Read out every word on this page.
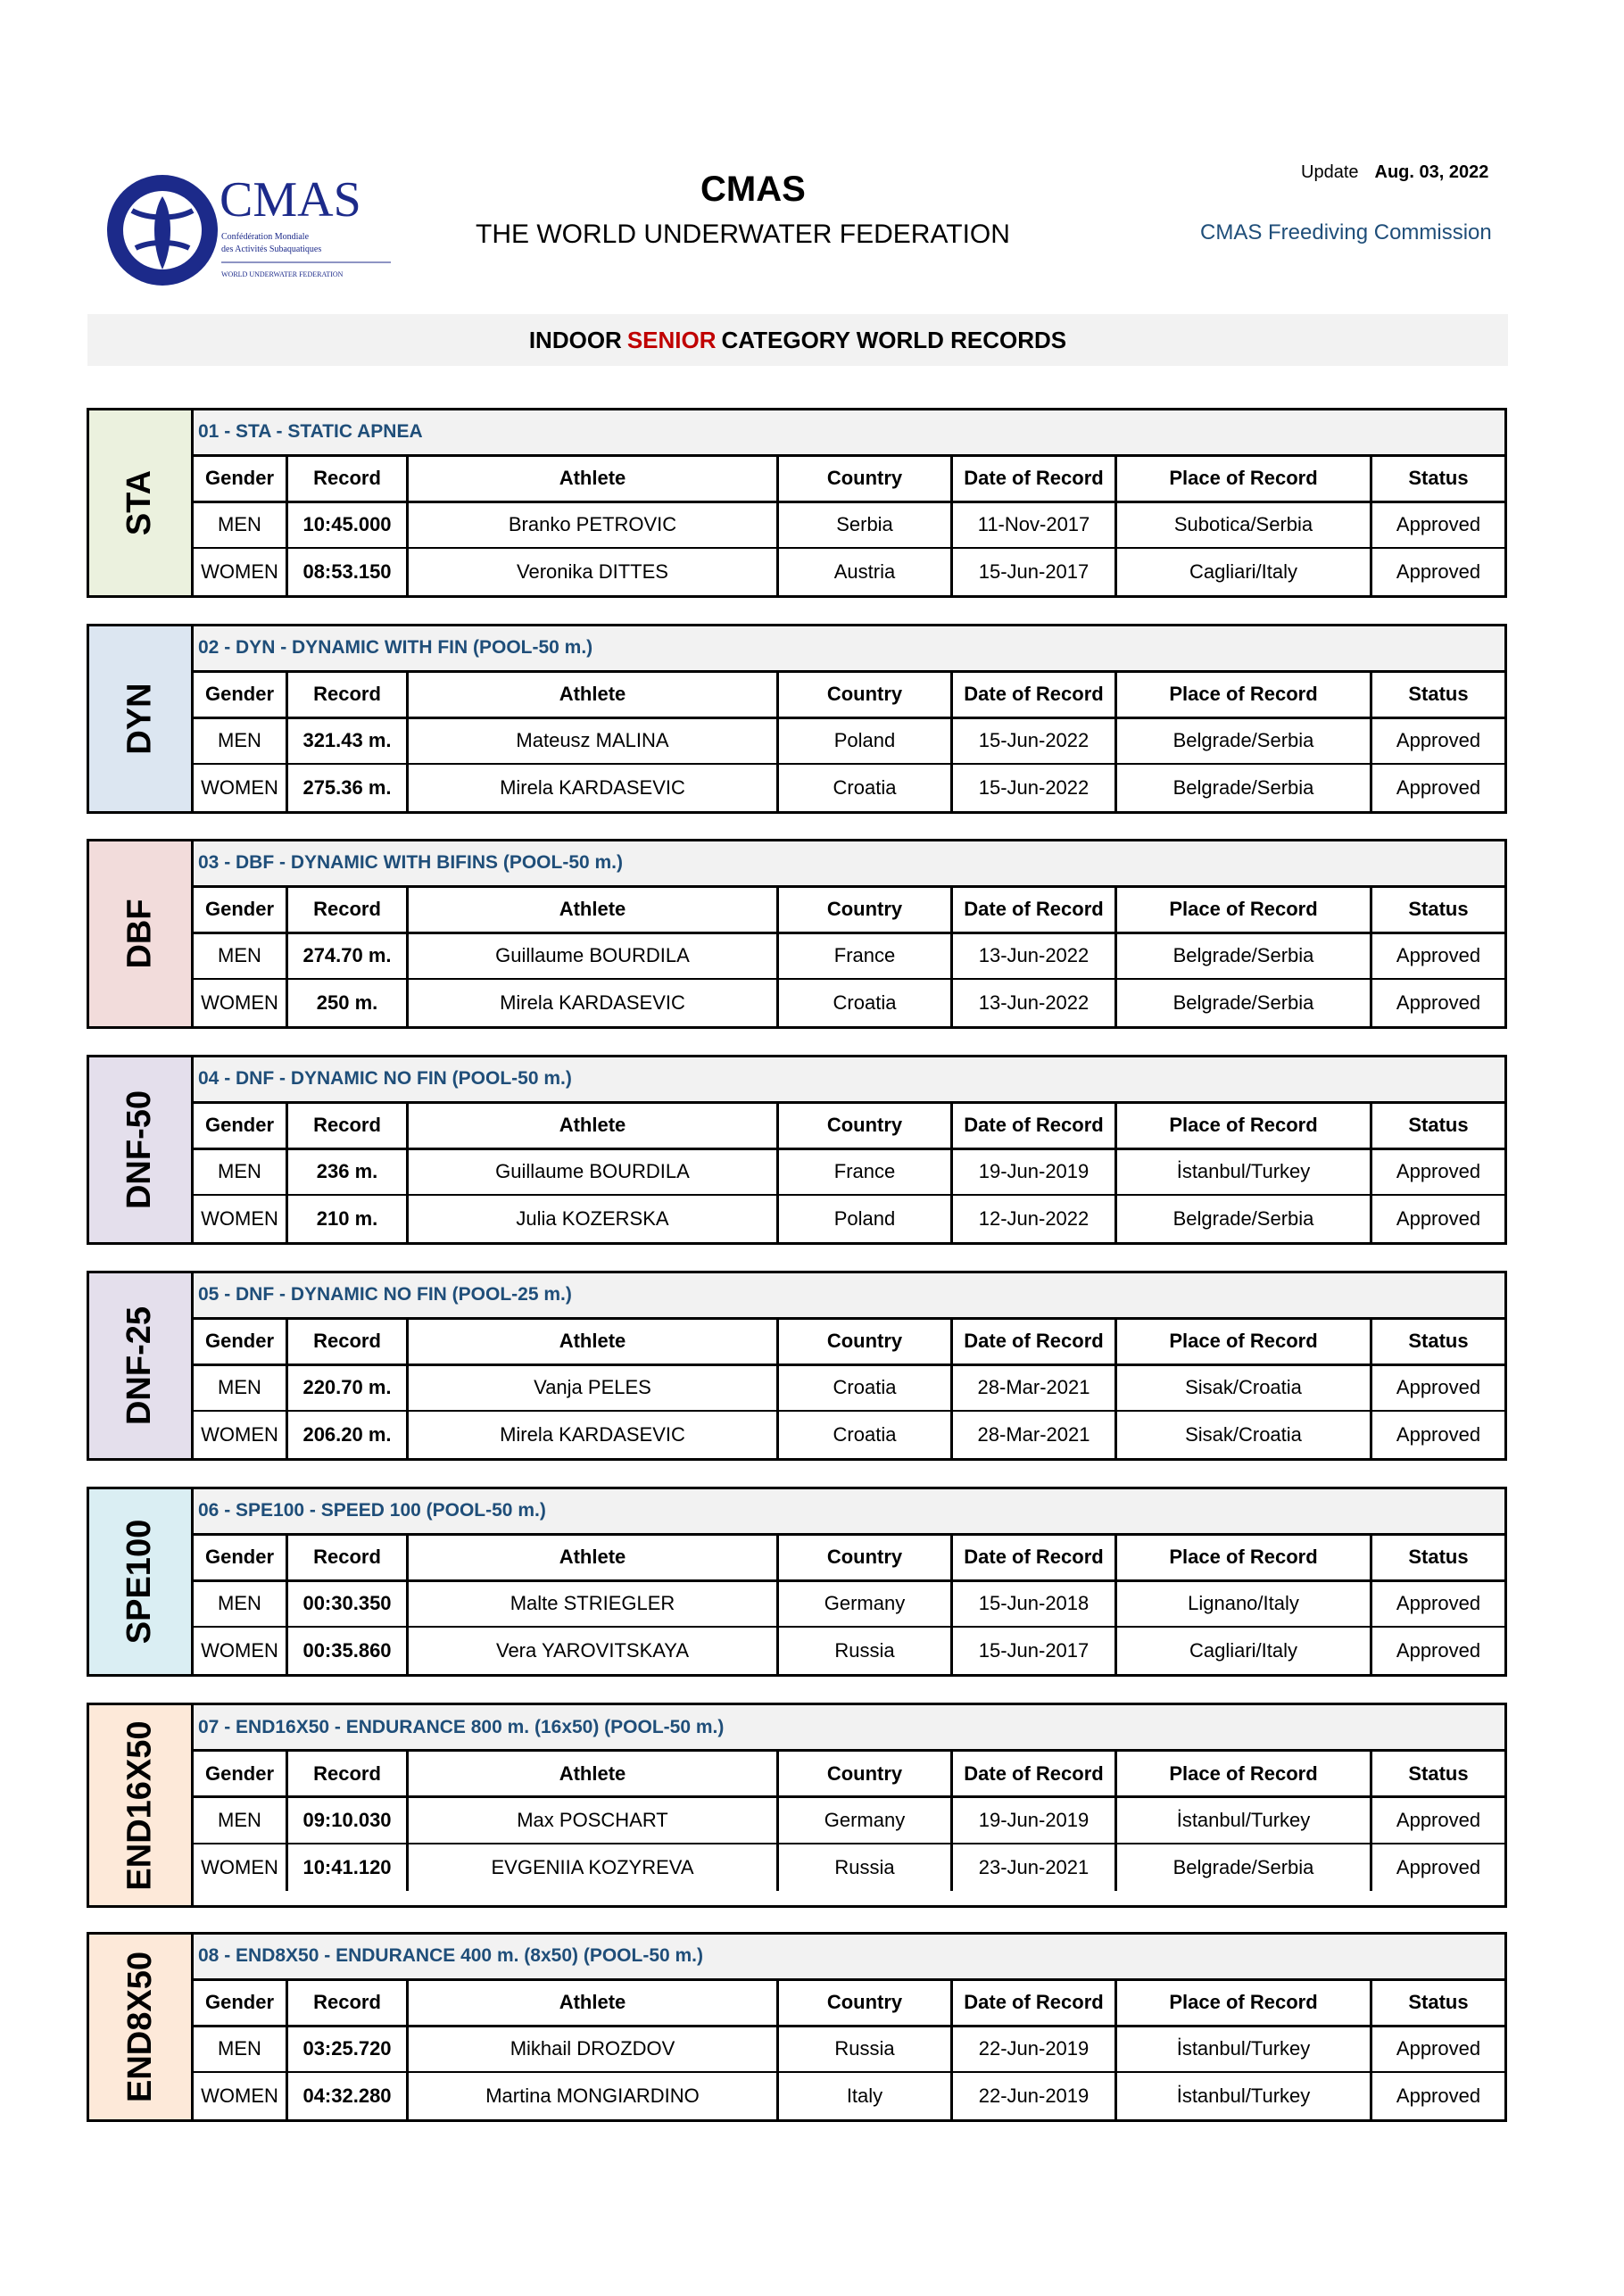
CMAS
Confédération Mondiale
des Activités Subaquatiques
WORLD UNDERWATER FEDERATION
CMAS
THE WORLD UNDERWATER FEDERATION
Update Aug. 03, 2022
CMAS Freediving Commission
INDOOR SENIOR CATEGORY WORLD RECORDS
STA
01 - STA - STATIC APNEA
Gender	Record	Athlete	Country	Date of Record	Place of Record	Status
MEN	10:45.000	Branko PETROVIC	Serbia	11-Nov-2017	Subotica/Serbia	Approved
WOMEN	08:53.150	Veronika DITTES	Austria	15-Jun-2017	Cagliari/Italy	Approved
DYN
02 - DYN - DYNAMIC WITH FIN (POOL-50 m.)
Gender	Record	Athlete	Country	Date of Record	Place of Record	Status
MEN	321.43 m.	Mateusz MALINA	Poland	15-Jun-2022	Belgrade/Serbia	Approved
WOMEN	275.36 m.	Mirela KARDASEVIC	Croatia	15-Jun-2022	Belgrade/Serbia	Approved
DBF
03 - DBF - DYNAMIC WITH BIFINS (POOL-50 m.)
Gender	Record	Athlete	Country	Date of Record	Place of Record	Status
MEN	274.70 m.	Guillaume BOURDILA	France	13-Jun-2022	Belgrade/Serbia	Approved
WOMEN	250 m.	Mirela KARDASEVIC	Croatia	13-Jun-2022	Belgrade/Serbia	Approved
DNF-50
04 - DNF - DYNAMIC NO FIN (POOL-50 m.)
Gender	Record	Athlete	Country	Date of Record	Place of Record	Status
MEN	236 m.	Guillaume BOURDILA	France	19-Jun-2019	İstanbul/Turkey	Approved
WOMEN	210 m.	Julia KOZERSKA	Poland	12-Jun-2022	Belgrade/Serbia	Approved
DNF-25
05 - DNF - DYNAMIC NO FIN (POOL-25 m.)
Gender	Record	Athlete	Country	Date of Record	Place of Record	Status
MEN	220.70 m.	Vanja PELES	Croatia	28-Mar-2021	Sisak/Croatia	Approved
WOMEN	206.20 m.	Mirela KARDASEVIC	Croatia	28-Mar-2021	Sisak/Croatia	Approved
SPE100
06 - SPE100 - SPEED 100 (POOL-50 m.)
Gender	Record	Athlete	Country	Date of Record	Place of Record	Status
MEN	00:30.350	Malte STRIEGLER	Germany	15-Jun-2018	Lignano/Italy	Approved
WOMEN	00:35.860	Vera YAROVITSKAYA	Russia	15-Jun-2017	Cagliari/Italy	Approved
END16X50 07 - END16X50 - ENDURANCE 800 m. (16x50) (POOL-50 m.)
Gender	Record	Athlete	Country	Date of Record	Place of Record	Status
MEN	09:10.030	Max POSCHART	Germany	19-Jun-2019	İstanbul/Turkey	Approved
WOMEN	10:41.120	EVGENIIA KOZYREVA	Russia	23-Jun-2021	Belgrade/Serbia	Approved
END8X50 08 - END8X50 - ENDURANCE 400 m. (8x50) (POOL-50 m.)
Gender	Record	Athlete	Country	Date of Record	Place of Record	Status
MEN	03:25.720	Mikhail DROZDOV	Russia	22-Jun-2019	İstanbul/Turkey	Approved
WOMEN	04:32.280	Martina MONGIARDINO	Italy	22-Jun-2019	İstanbul/Turkey	Approved
